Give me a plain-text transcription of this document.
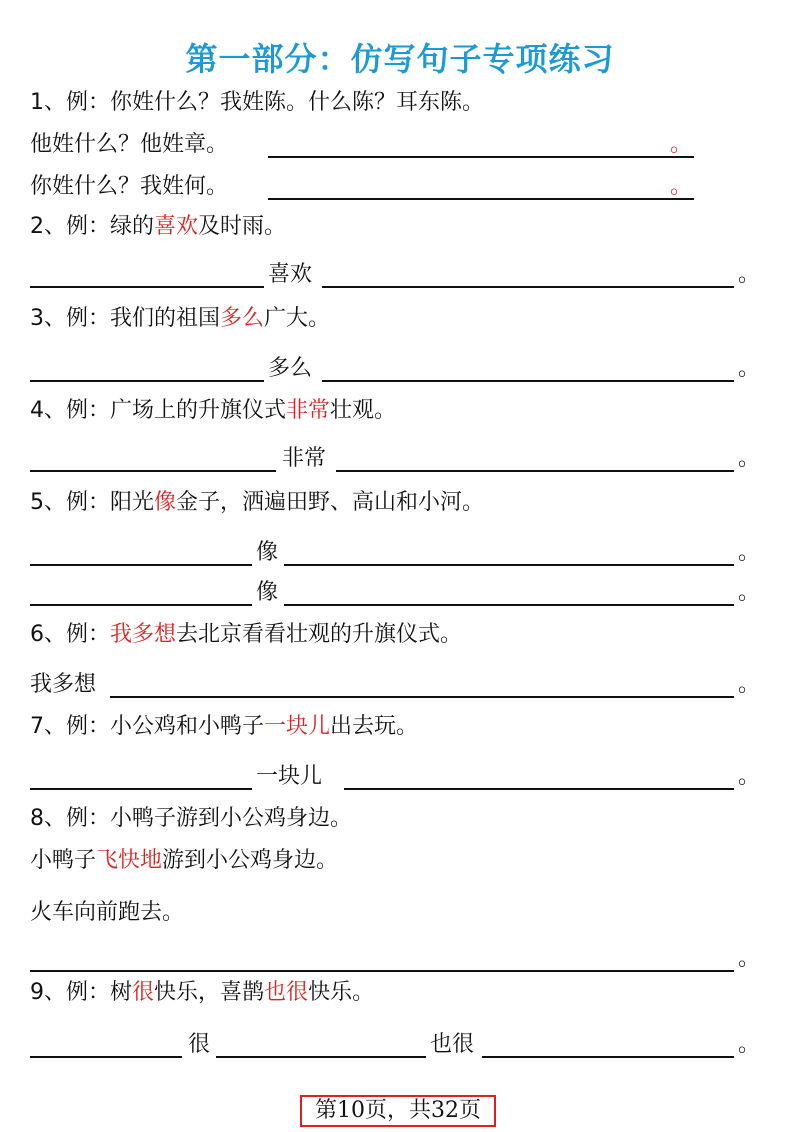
第一部分：仿写句子专项练习
1、例：你姓什么？我姓陈。什么陈？耳东陈。
他姓什么？他姓章。	。
你姓什么？我姓何。	。
2、例：绿的喜欢及时雨。
喜欢	。
3、例：我们的祖国多么广大。
多么	。
4、例：广场上的升旗仪式非常壮观。
非常	。
5、例：阳光像金子，洒遍田野、高山和小河。
像	。
像	。
6、例：我多想去北京看看壮观的升旗仪式。
我多想	。
7、例：小公鸡和小鸭子一块儿出去玩。
一块儿	。
8、例：小鸭子游到小公鸡身边。
小鸭子飞快地游到小公鸡身边。
火车向前跑去。
。
9、例：树很快乐，喜鹊也很快乐。
很	也很	。
第10页，共32页
